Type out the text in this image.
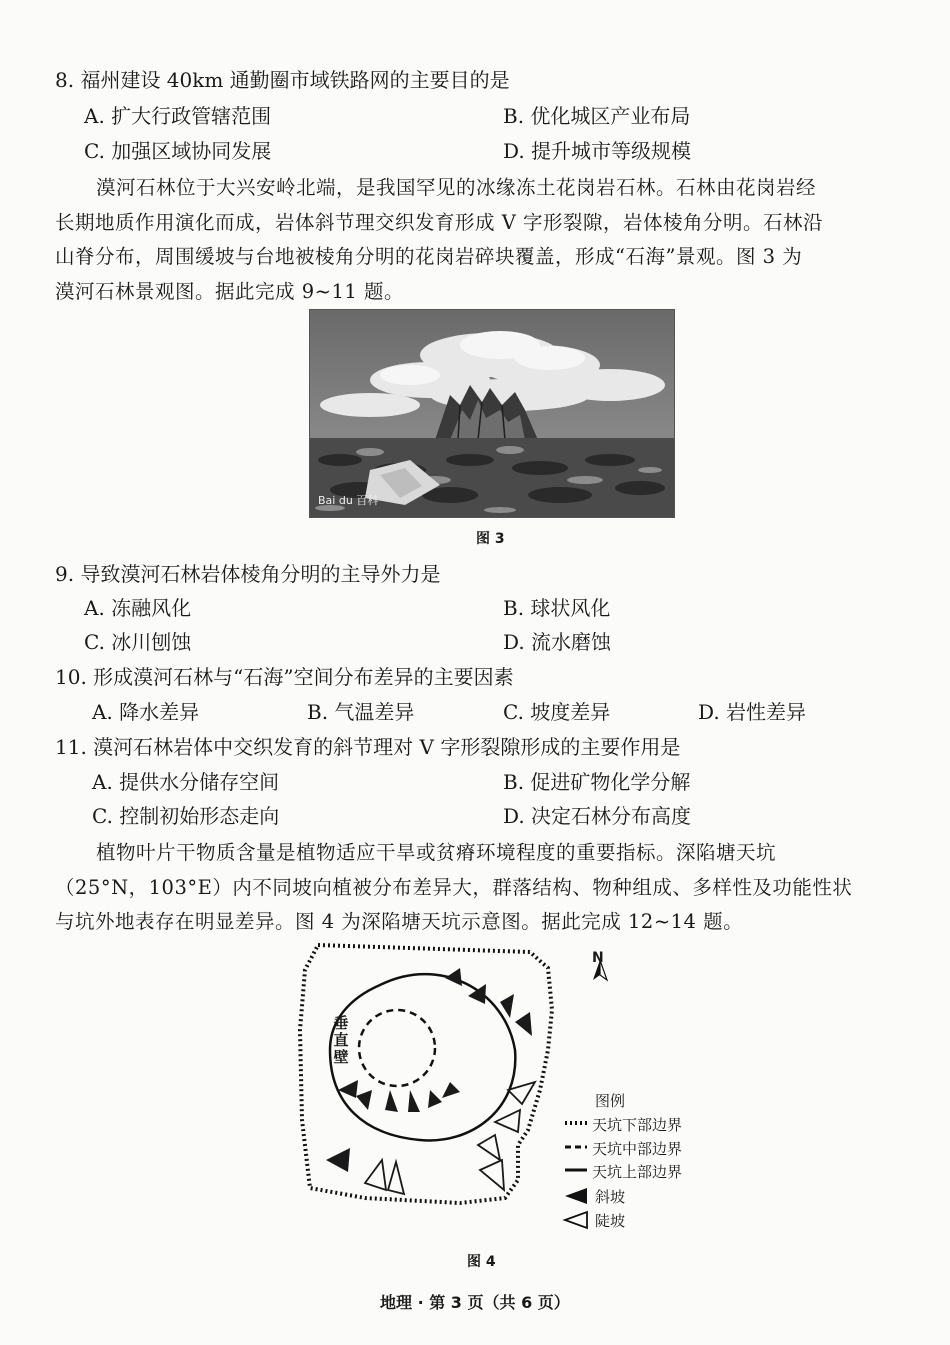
8. 福州建设 40km 通勤圈市域铁路网的主要目的是
A. 扩大行政管辖范围	B. 优化城区产业布局
C. 加强区域协同发展	D. 提升城市等级规模
漠河石林位于大兴安岭北端，是我国罕见的冰缘冻土花岗岩石林。石林由花岗岩经
长期地质作用演化而成，岩体斜节理交织发育形成 V 字形裂隙，岩体棱角分明。石林沿
山脊分布，周围缓坡与台地被棱角分明的花岗岩碎块覆盖，形成“石海”景观。图 3 为
漠河石林景观图。据此完成 9~11 题。
Bai du 百科
图 3
9. 导致漠河石林岩体棱角分明的主导外力是
A. 冻融风化	B. 球状风化
C. 冰川刨蚀	D. 流水磨蚀
10. 形成漠河石林与“石海”空间分布差异的主要因素
A. 降水差异	B. 气温差异	C. 坡度差异	D. 岩性差异
11. 漠河石林岩体中交织发育的斜节理对 V 字形裂隙形成的主要作用是
A. 提供水分储存空间	B. 促进矿物化学分解
C. 控制初始形态走向	D. 决定石林分布高度
植物叶片干物质含量是植物适应干旱或贫瘠环境程度的重要指标。深陷塘天坑
（25°N，103°E）内不同坡向植被分布差异大，群落结构、物种组成、多样性及功能性状
与坑外地表存在明显差异。图 4 为深陷塘天坑示意图。据此完成 12~14 题。
N
垂
直
壁
图例
天坑下部边界
天坑中部边界
天坑上部边界
斜坡
陡坡
图 4
地理 · 第 3 页（共 6 页）
